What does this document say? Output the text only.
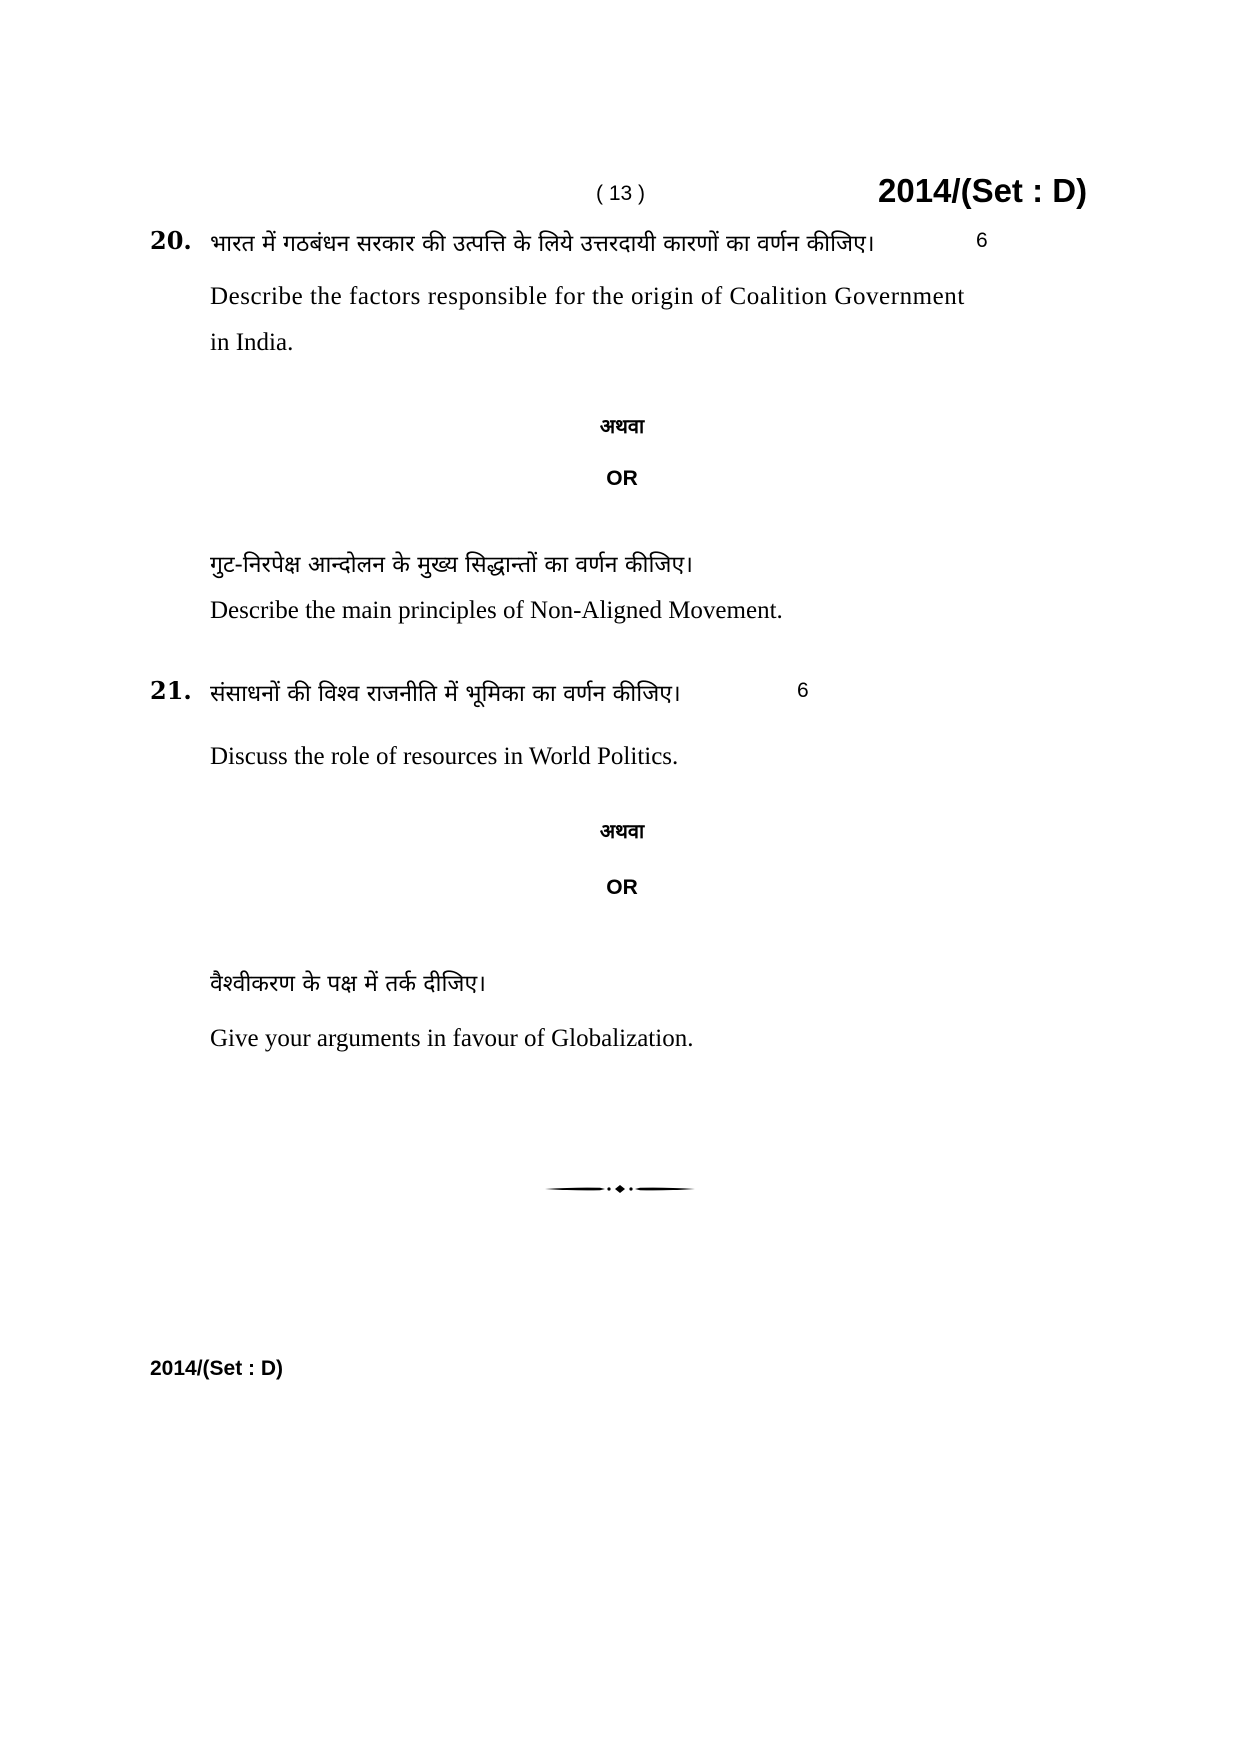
( 13 )	2014/(Set : D)
20. भारत में गठबंधन सरकार की उत्पत्ति के लिये उत्तरदायी कारणों का वर्णन कीजिए।	6
Describe the factors responsible for the origin of Coalition Government
in India.
अथवा
OR
गुट-निरपेक्ष आन्दोलन के मुख्य सिद्धान्तों का वर्णन कीजिए।
Describe the main principles of Non-Aligned Movement.
21. संसाधनों की विश्व राजनीति में भूमिका का वर्णन कीजिए।	6
Discuss the role of resources in World Politics.
अथवा
OR
वैश्वीकरण के पक्ष में तर्क दीजिए।
Give your arguments in favour of Globalization.
2014/(Set : D)
